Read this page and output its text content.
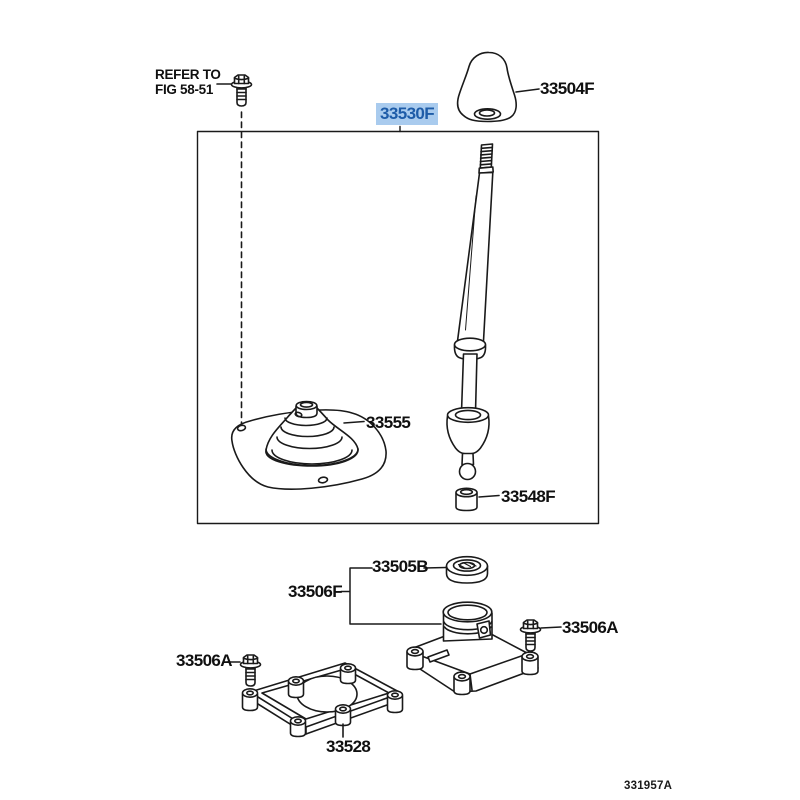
REFER TO
FIG 58-51
33530F
33504F
33555
33548F
33505B
33506F
33506A
33506A
33528
331957A
